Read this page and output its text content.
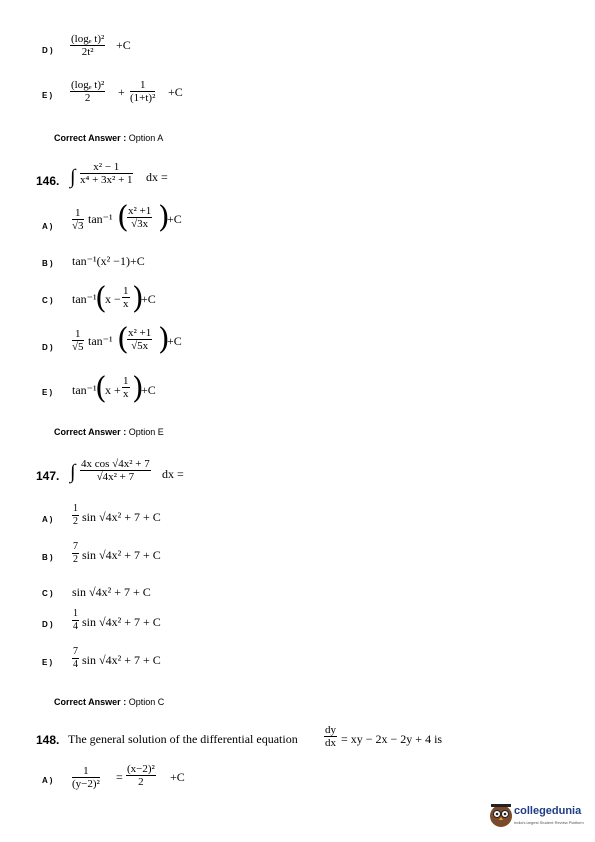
D ) $\frac{\text{(logₑ t)²}}{\text{2t²}} +C$
E ) $\frac{\text{(logₑ t)²}}{2} + \frac{1}{\text{(1+t)²}} +C$
Correct Answer : Option A
146. ∫ $\frac{\text{x² − 1}}{\text{x⁴ + 3x² + 1}}$ dx =
A ) $\frac{1}{√3} \tan^{-1}$ (
$\frac{\text{x² +1}}{√3x}$ )
+C
B ) tan⁻¹(x² −1)+C
C ) tan⁻¹
(
$x - \frac{1}{x}$ )
+C
D ) $\frac{1}{√5} \tan^{-1}$ (
$\frac{\text{x² +1}}{√5x}$ )
+C
E ) tan⁻¹
(
$x + \frac{1}{x}$ )
+C
Correct Answer : Option E
147. ∫ $\frac{\text{4x cos √4x² + 7}}{\text{√4x² + 7}}$ dx =
A ) $\frac{1}{2}$ sin √4x² + 7 + C
B ) $\frac{7}{2}$ sin √4x² + 7 + C
C ) sin √4x² + 7 + C
D ) $\frac{1}{4}$ sin √4x² + 7 + C
E ) $\frac{7}{4}$ sin √4x² + 7 + C
Correct Answer : Option C
148. The general solution of the differential equation $\frac{dy}{dx}$ = xy − 2x − 2y + 4 is
A ) $\frac{1}{\text{(y−2)²}} = \frac{\text{(x−2)²}}{2} +C$
collegedunia
India's largest Student Review Platform
